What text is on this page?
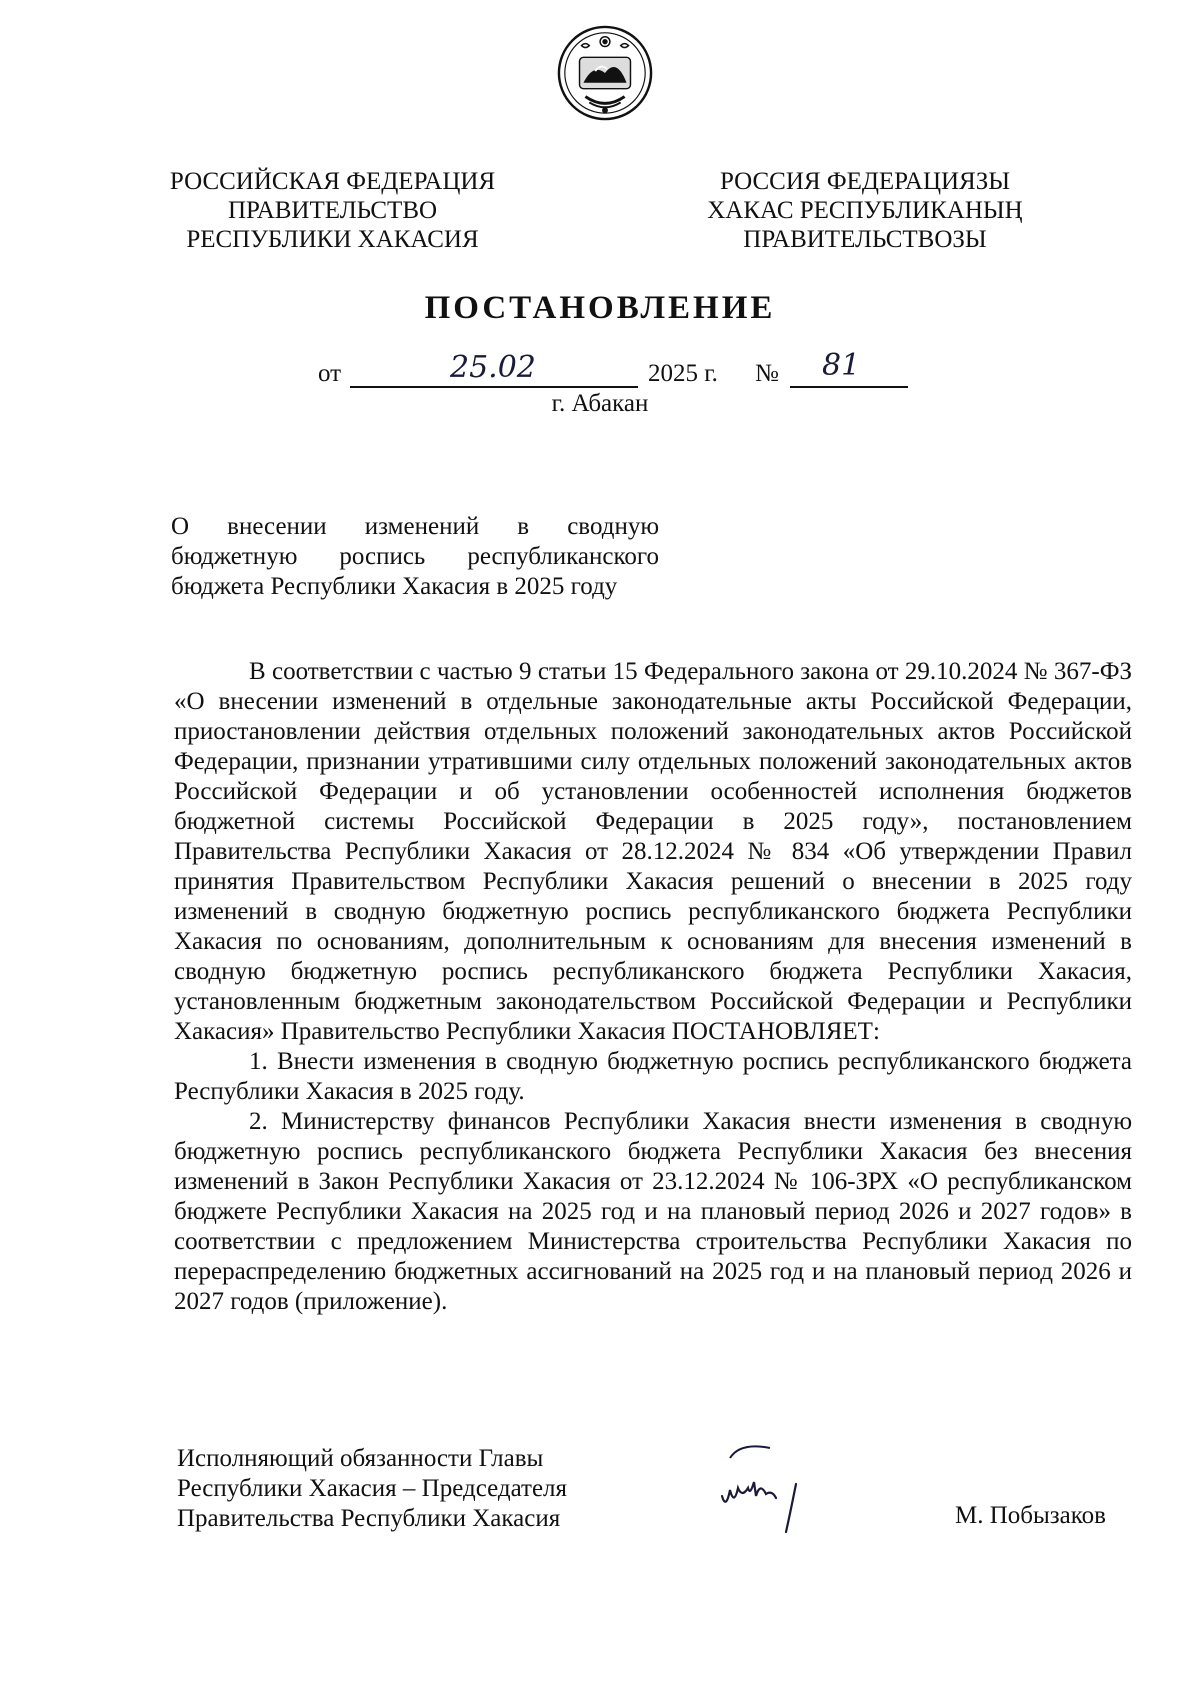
РОССИЙСКАЯ ФЕДЕРАЦИЯ
ПРАВИТЕЛЬСТВО
РЕСПУБЛИКИ ХАКАСИЯ
РОССИЯ ФЕДЕРАЦИЯЗЫ
ХАКАС РЕСПУБЛИКАНЫҢ
ПРАВИТЕЛЬСТВОЗЫ
ПОСТАНОВЛЕНИЕ
от	25.02	2025 г. № 81
г. Абакан

О внесении изменений в сводную

бюджетную роспись республиканского

бюджета Республики Хакасия в 2025 году

В соответствии с частью 9 статьи 15 Федерального закона от 29.10.2024 № 367-ФЗ «О внесении изменений в отдельные законодательные акты Российской Федерации, приостановлении действия отдельных положений законодательных актов Российской Федерации, признании утратившими силу отдельных положений законодательных актов Российской Федерации и об установлении особенностей исполнения бюджетов бюджетной системы Российской Федерации в 2025 году», постановлением Правительства Республики Хакасия от 28.12.2024 № 834 «Об утверждении Правил принятия Правительством Республики Хакасия решений о внесении в 2025 году изменений в сводную бюджетную роспись республиканского бюджета Республики Хакасия по основаниям, дополнительным к основаниям для внесения изменений в сводную бюджетную роспись республиканского бюджета Республики Хакасия, установленным бюджетным законодательством Российской Федерации и Республики Хакасия» Правительство Республики Хакасия ПОСТАНОВЛЯЕТ:

1. Внести изменения в сводную бюджетную роспись республиканского бюджета Республики Хакасия в 2025 году.

2. Министерству финансов Республики Хакасия внести изменения в сводную бюджетную роспись республиканского бюджета Республики Хакасия без внесения изменений в Закон Республики Хакасия от 23.12.2024 № 106-ЗРХ «О республиканском бюджете Республики Хакасия на 2025 год и на плановый период 2026 и 2027 годов» в соответствии с предложением Министерства строительства Республики Хакасия по перераспределению бюджетных ассигнований на 2025 год и на плановый период 2026 и 2027 годов (приложение).

Исполняющий обязанности Главы
Республики Хакасия – Председателя
Правительства Республики Хакасия	М. Побызаков
